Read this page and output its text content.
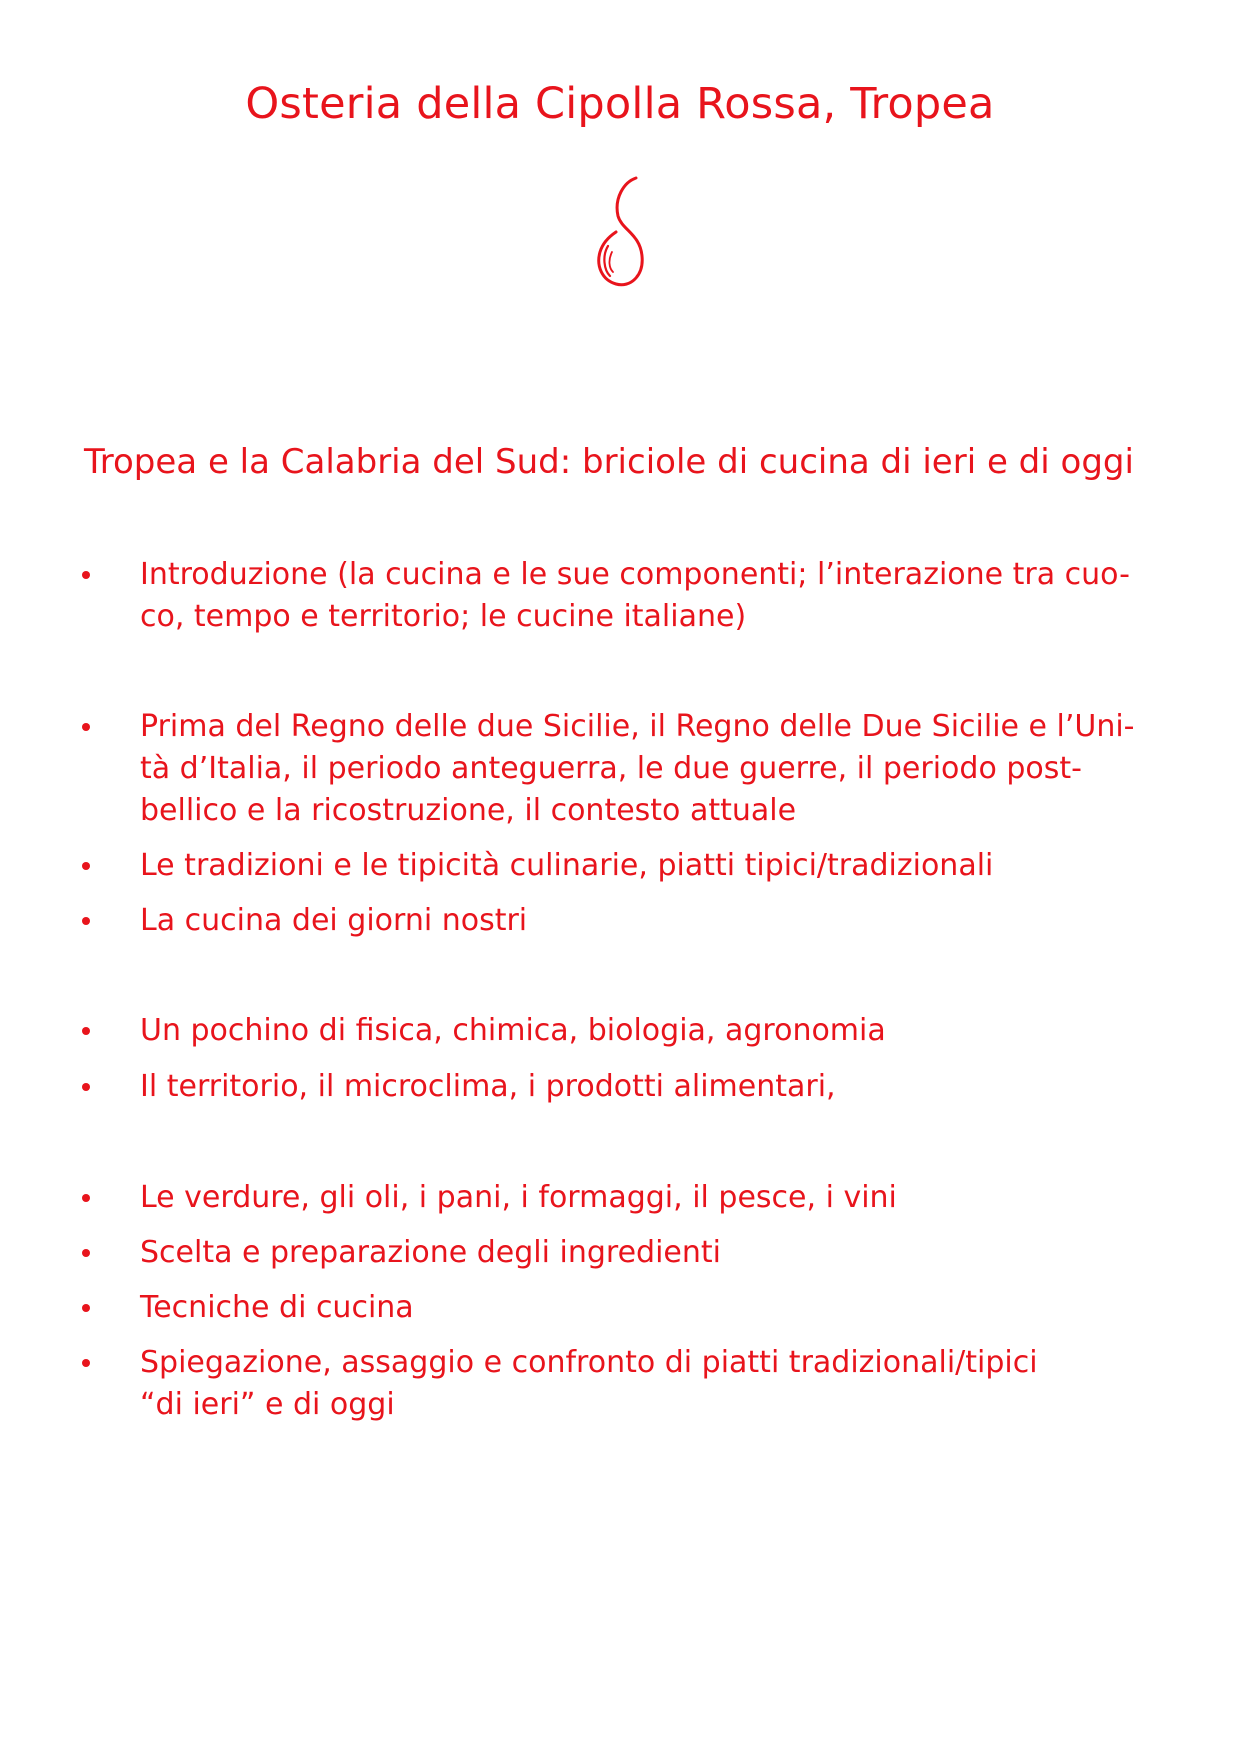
Osteria della Cipolla Rossa, Tropea
Tropea e la Calabria del Sud: briciole di cucina di ieri e di oggi
Introduzione (la cucina e le sue componenti; l’interazione tra cuo-
co, tempo e territorio; le cucine italiane)
Prima del Regno delle due Sicilie, il Regno delle Due Sicilie e l’Uni-
tà d’Italia, il periodo anteguerra, le due guerre, il periodo post-
bellico e la ricostruzione, il contesto attuale
Le tradizioni e le tipicità culinarie, piatti tipici/tradizionali
La cucina dei giorni nostri
Un pochino di fisica, chimica, biologia, agronomia
Il territorio, il microclima, i prodotti alimentari,
Le verdure, gli oli, i pani, i formaggi, il pesce, i vini
Scelta e preparazione degli ingredienti
Tecniche di cucina
Spiegazione, assaggio e confronto di piatti tradizionali/tipici
“di ieri” e di oggi
